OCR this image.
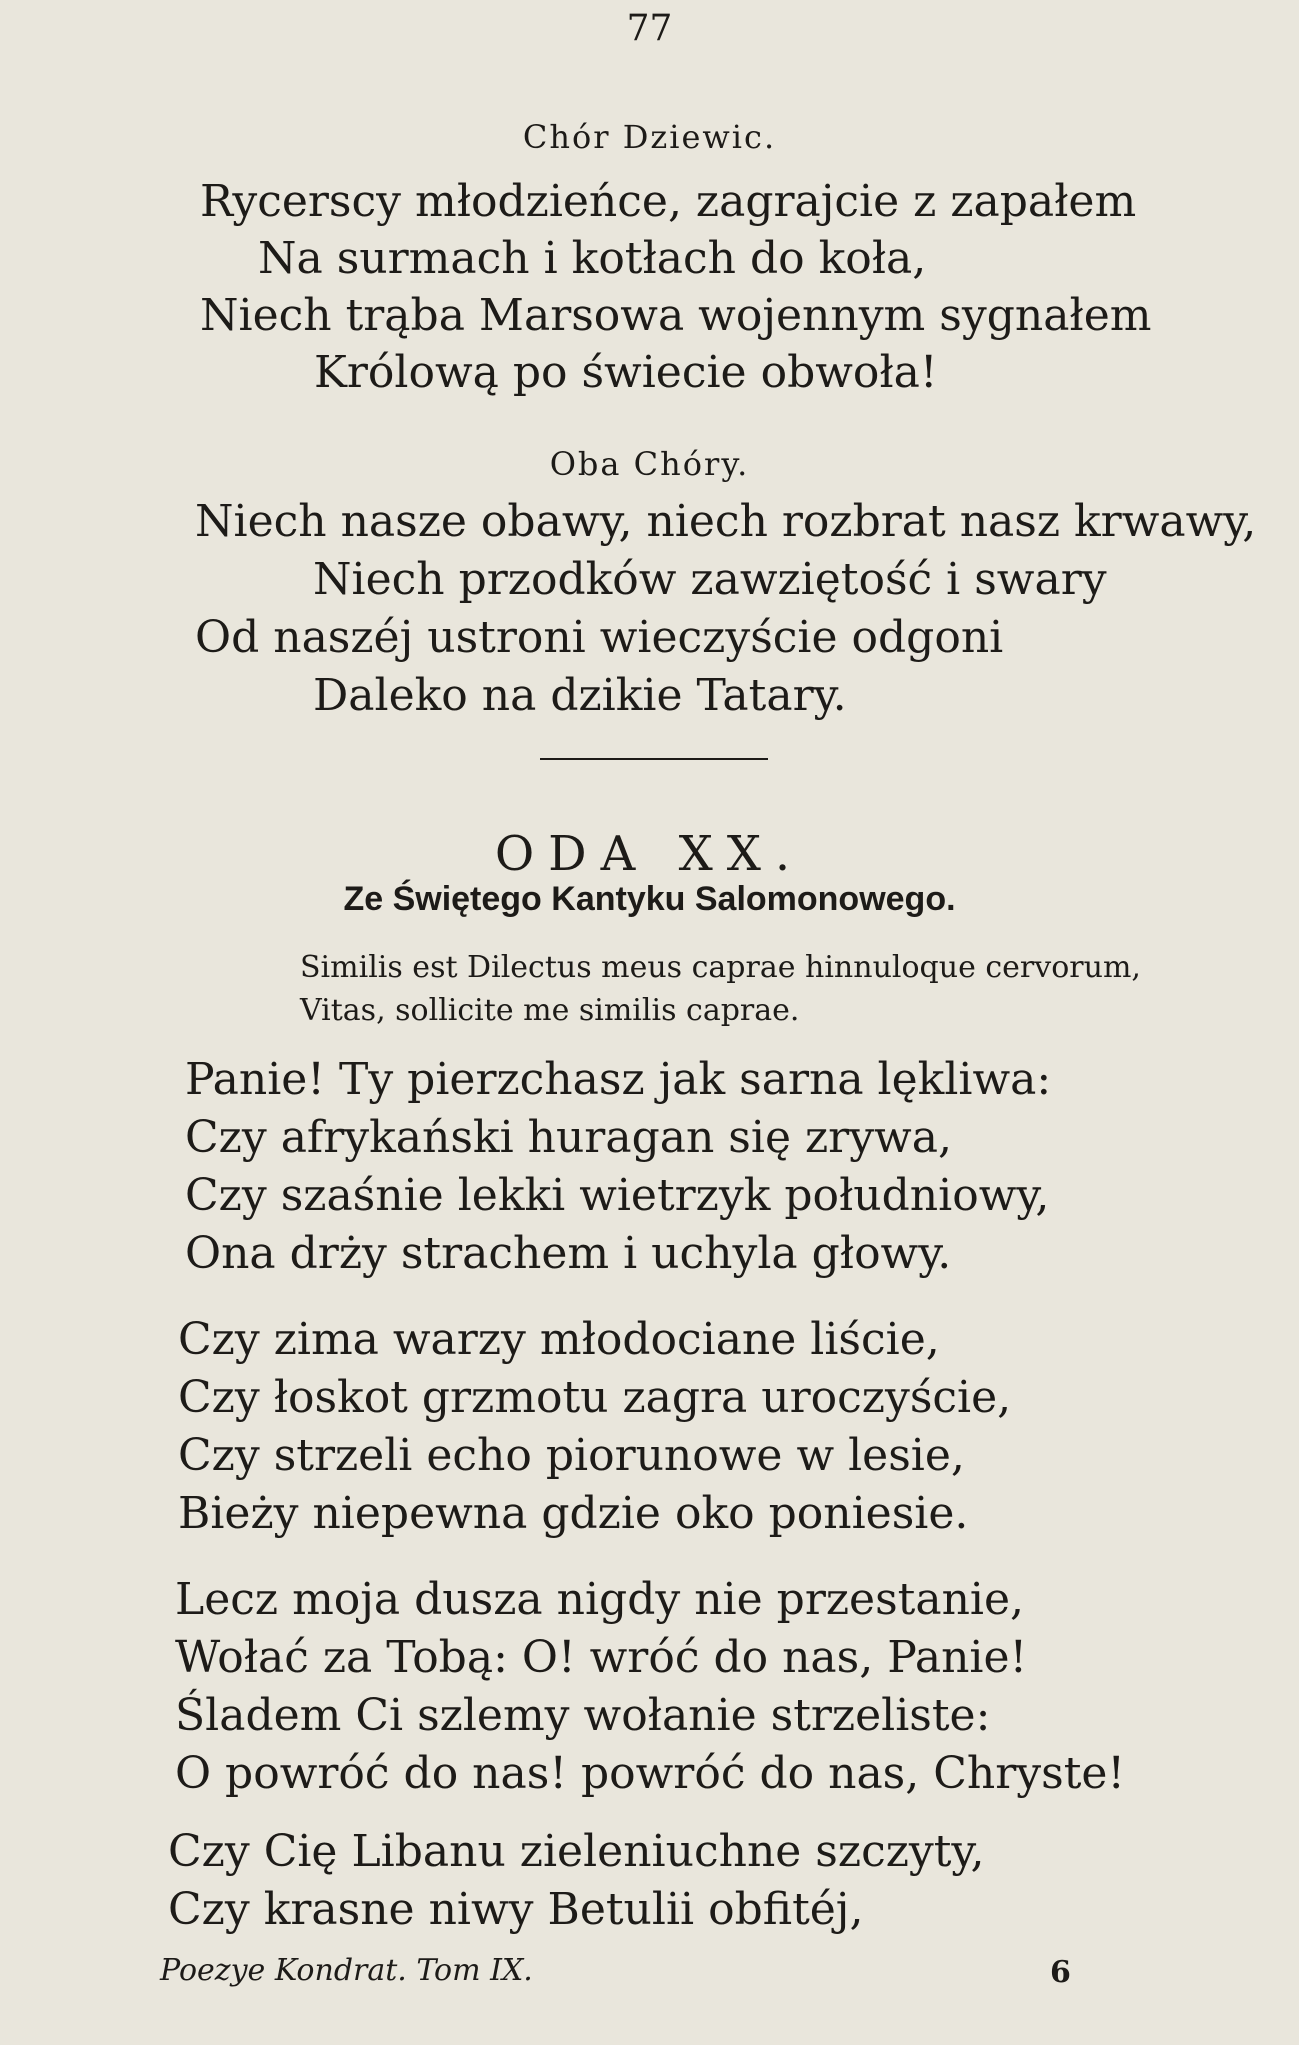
77
Chór Dziewic.
Rycerscy młodzieńce, zagrajcie z zapałem
Na surmach i kotłach do koła,
Niech trąba Marsowa wojennym sygnałem
Królową po świecie obwoła!
Oba Chóry.
Niech nasze obawy, niech rozbrat nasz krwawy,
Niech przodków zawziętość i swary
Od naszéj ustroni wieczyście odgoni
Daleko na dzikie Tatary.
ODA XX.
Ze Świętego Kantyku Salomonowego.
Similis est Dilectus meus caprae hinnuloque cervorum,
Vitas, sollicite me similis caprae.
Panie! Ty pierzchasz jak sarna lękliwa:
Czy afrykański huragan się zrywa,
Czy szaśnie lekki wietrzyk południowy,
Ona drży strachem i uchyla głowy.
Czy zima warzy młodociane liście,
Czy łoskot grzmotu zagra uroczyście,
Czy strzeli echo piorunowe w lesie,
Bieży niepewna gdzie oko poniesie.
Lecz moja dusza nigdy nie przestanie,
Wołać za Tobą: O! wróć do nas, Panie!
Śladem Ci szlemy wołanie strzeliste:
O powróć do nas! powróć do nas, Chryste!
Czy Cię Libanu zieleniuchne szczyty,
Czy krasne niwy Betulii obfitéj,
Poezye Kondrat. Tom IX.	6
